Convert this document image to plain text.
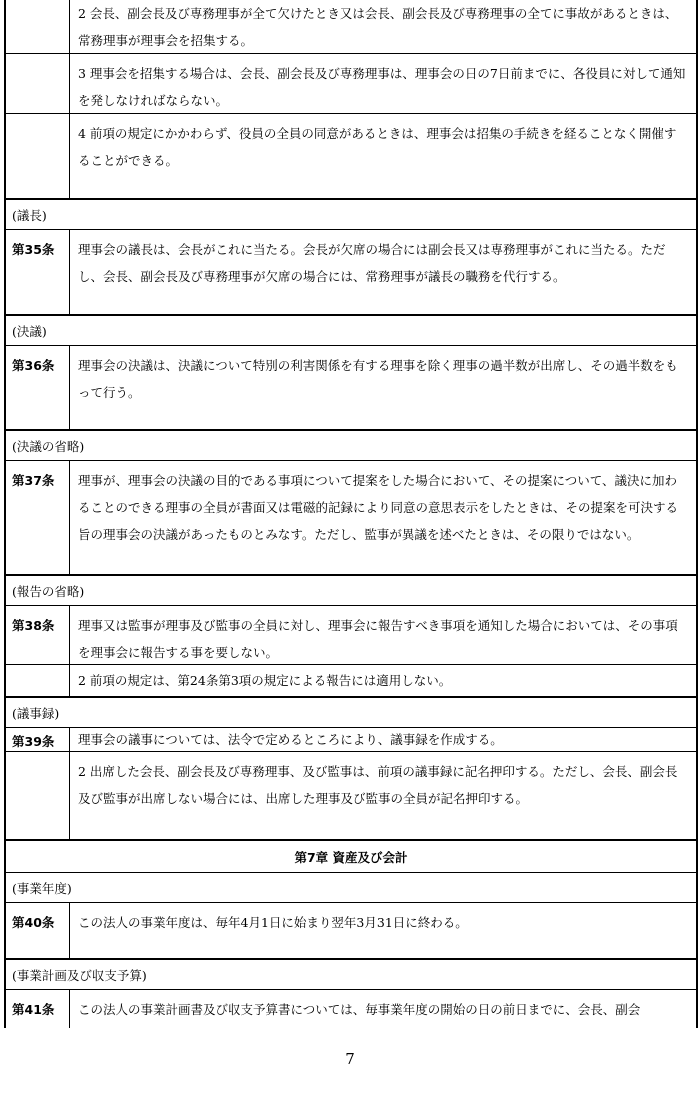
2 会長、副会長及び専務理事が全て欠けたとき又は会長、副会長及び専務理事の全てに事故があるときは、常務理事が理事会を招集する。
3 理事会を招集する場合は、会長、副会長及び専務理事は、理事会の日の7日前までに、各役員に対して通知を発しなければならない。
4 前項の規定にかかわらず、役員の全員の同意があるときは、理事会は招集の手続きを経ることなく開催することができる。
(議長)
第35条	理事会の議長は、会長がこれに当たる。会長が欠席の場合には副会長又は専務理事がこれに当たる。ただし、会長、副会長及び専務理事が欠席の場合には、常務理事が議長の職務を代行する。
(決議)
第36条	理事会の決議は、決議について特別の利害関係を有する理事を除く理事の過半数が出席し、その過半数をもって行う。
(決議の省略)
第37条	理事が、理事会の決議の目的である事項について提案をした場合において、その提案について、議決に加わることのできる理事の全員が書面又は電磁的記録により同意の意思表示をしたときは、その提案を可決する旨の理事会の決議があったものとみなす。ただし、監事が異議を述べたときは、その限りではない。
(報告の省略)
第38条	理事又は監事が理事及び監事の全員に対し、理事会に報告すべき事項を通知した場合においては、その事項を理事会に報告する事を要しない。
2 前項の規定は、第24条第3項の規定による報告には適用しない。
(議事録)
第39条	理事会の議事については、法令で定めるところにより、議事録を作成する。
2 出席した会長、副会長及び専務理事、及び監事は、前項の議事録に記名押印する。ただし、会長、副会長及び監事が出席しない場合には、出席した理事及び監事の全員が記名押印する。
第7章 資産及び会計
(事業年度)
第40条	この法人の事業年度は、毎年4月1日に始まり翌年3月31日に終わる。
(事業計画及び収支予算)
第41条	この法人の事業計画書及び収支予算書については、毎事業年度の開始の日の前日までに、会長、副会
7
